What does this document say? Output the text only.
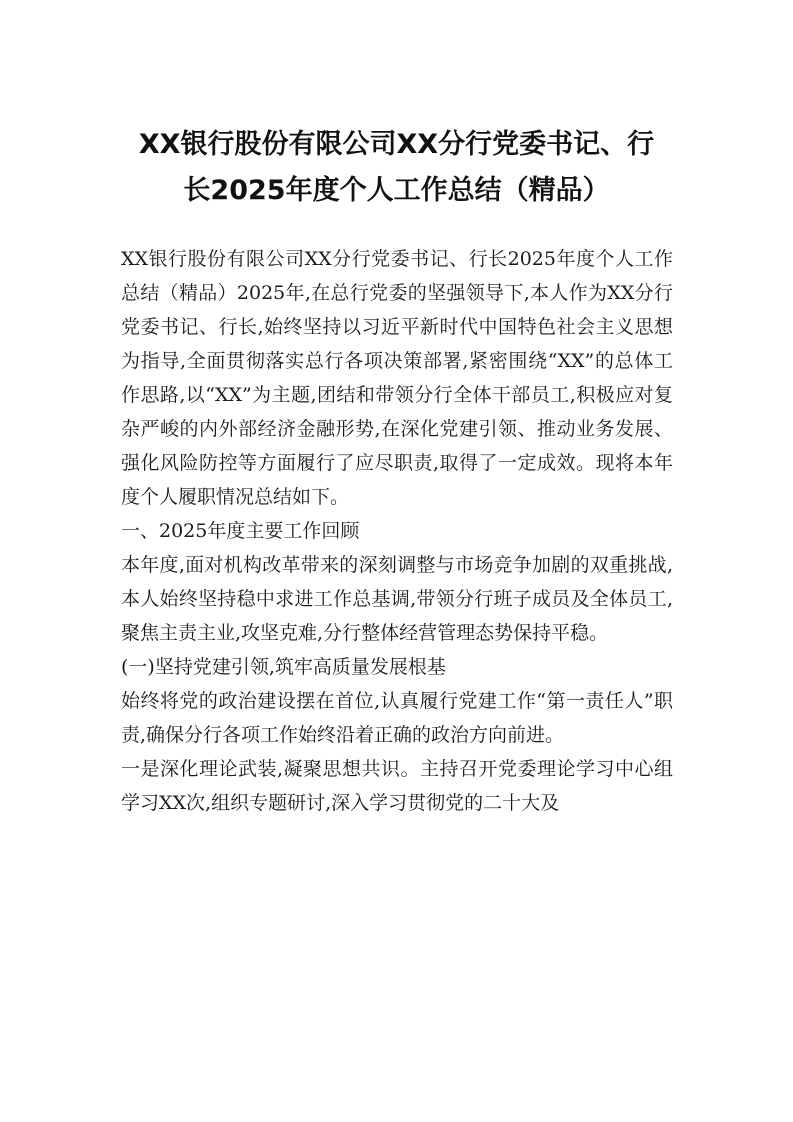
XX银行股份有限公司XX分行党委书记、行
长2025年度个人工作总结（精品）

XX银行股份有限公司XX分行党委书记、行长2025年度个人工作总结（精品）2025年,在总行党委的坚强领导下,本人作为XX分行党委书记、行长,始终坚持以习近平新时代中国特色社会主义思想为指导,全面贯彻落实总行各项决策部署,紧密围绕“XX”的总体工作思路,以“XX”为主题,团结和带领分行全体干部员工,积极应对复杂严峻的内外部经济金融形势,在深化党建引领、推动业务发展、强化风险防控等方面履行了应尽职责,取得了一定成效。现将本年度个人履职情况总结如下。

一、2025年度主要工作回顾

本年度,面对机构改革带来的深刻调整与市场竞争加剧的双重挑战,本人始终坚持稳中求进工作总基调,带领分行班子成员及全体员工,聚焦主责主业,攻坚克难,分行整体经营管理态势保持平稳。

(一)坚持党建引领,筑牢高质量发展根基

始终将党的政治建设摆在首位,认真履行党建工作“第一责任人”职责,确保分行各项工作始终沿着正确的政治方向前进。

一是深化理论武装,凝聚思想共识。主持召开党委理论学习中心组学习XX次,组织专题研讨,深入学习贯彻党的二十大及
